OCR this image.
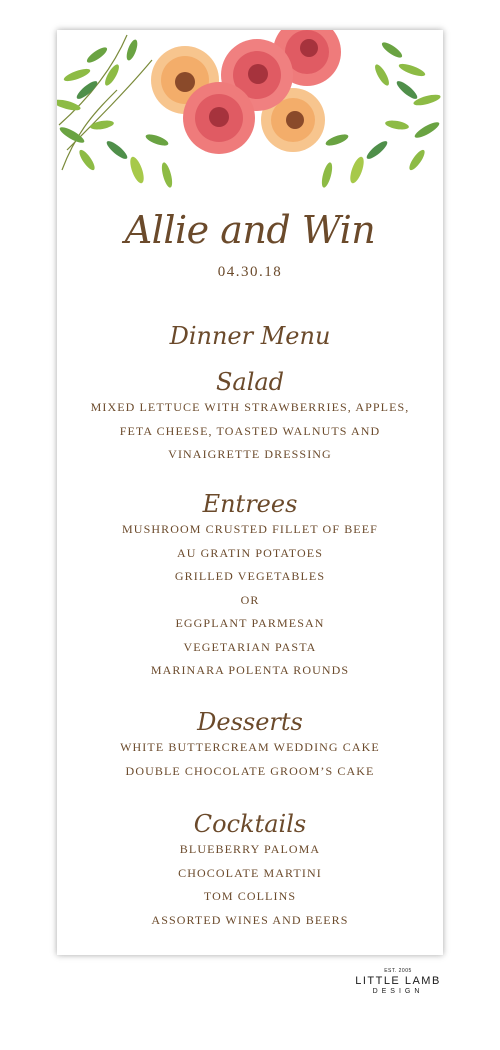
Allie and Win
04.30.18
Dinner Menu
Salad
MIXED LETTUCE WITH STRAWBERRIES, APPLES,
FETA CHEESE, TOASTED WALNUTS AND
VINAIGRETTE DRESSING
Entrees
MUSHROOM CRUSTED FILLET OF BEEF
AU GRATIN POTATOES
GRILLED VEGETABLES
OR
EGGPLANT PARMESAN
VEGETARIAN PASTA
MARINARA POLENTA ROUNDS
Desserts
WHITE BUTTERCREAM WEDDING CAKE
DOUBLE CHOCOLATE GROOM’S CAKE
Cocktails
BLUEBERRY PALOMA
CHOCOLATE MARTINI
TOM COLLINS
ASSORTED WINES AND BEERS
EST. 2005
LITTLE LAMB
DESIGN
